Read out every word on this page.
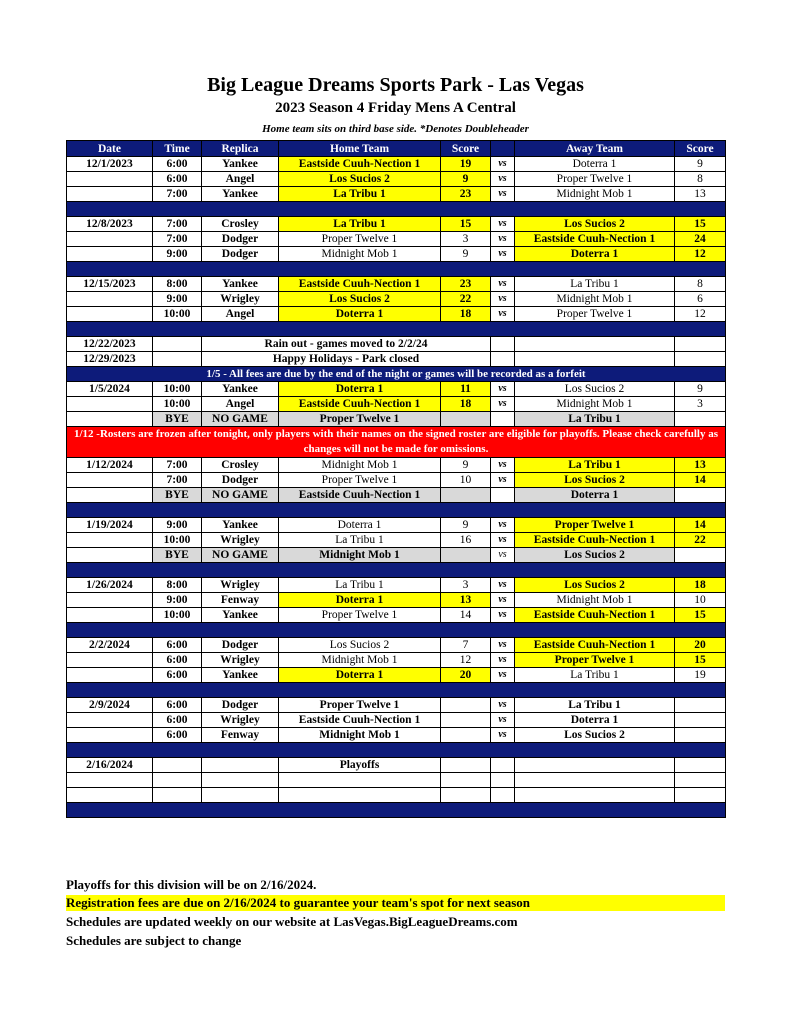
Big League Dreams Sports Park - Las Vegas
2023 Season 4 Friday Mens A Central
Home team sits on third base side. *Denotes Doubleheader
Date	Time	Replica	Home Team	Score		Away Team	Score
12/1/2023	6:00	Yankee	Eastside Cuuh-Nection 1	19	vs	Doterra 1	9
	6:00	Angel	Los Sucios 2	9	vs	Proper Twelve 1	8
	7:00	Yankee	La Tribu 1	23	vs	Midnight Mob 1	13

12/8/2023	7:00	Crosley	La Tribu 1	15	vs	Los Sucios 2	15
	7:00	Dodger	Proper Twelve 1	3	vs	Eastside Cuuh-Nection 1	24
	9:00	Dodger	Midnight Mob 1	9	vs	Doterra 1	12

12/15/2023	8:00	Yankee	Eastside Cuuh-Nection 1	23	vs	La Tribu 1	8
	9:00	Wrigley	Los Sucios 2	22	vs	Midnight Mob 1	6
	10:00	Angel	Doterra 1	18	vs	Proper Twelve 1	12

12/22/2023		Rain out - games moved to 2/2/24					
12/29/2023		Happy Holidays - Park closed					
1/5 - All fees are due by the end of the night or games will be recorded as a forfeit							
1/5/2024	10:00	Yankee	Doterra 1	11	vs	Los Sucios 2	9
	10:00	Angel	Eastside Cuuh-Nection 1	18	vs	Midnight Mob 1	3
	BYE	NO GAME	Proper Twelve 1			La Tribu 1	
1/12 -Rosters are frozen after tonight, only players with their names on the signed roster are eligible for playoffs. Please check carefully as changes will not be made for omissions.							
1/12/2024	7:00	Crosley	Midnight Mob 1	9	vs	La Tribu 1	13
	7:00	Dodger	Proper Twelve 1	10	vs	Los Sucios 2	14
	BYE	NO GAME	Eastside Cuuh-Nection 1			Doterra 1	

1/19/2024	9:00	Yankee	Doterra 1	9	vs	Proper Twelve 1	14
	10:00	Wrigley	La Tribu 1	16	vs	Eastside Cuuh-Nection 1	22
	BYE	NO GAME	Midnight Mob 1		vs	Los Sucios 2	

1/26/2024	8:00	Wrigley	La Tribu 1	3	vs	Los Sucios 2	18
	9:00	Fenway	Doterra 1	13	vs	Midnight Mob 1	10
	10:00	Yankee	Proper Twelve 1	14	vs	Eastside Cuuh-Nection 1	15

2/2/2024	6:00	Dodger	Los Sucios 2	7	vs	Eastside Cuuh-Nection 1	20
	6:00	Wrigley	Midnight Mob 1	12	vs	Proper Twelve 1	15
	6:00	Yankee	Doterra 1	20	vs	La Tribu 1	19

2/9/2024	6:00	Dodger	Proper Twelve 1		vs	La Tribu 1	
	6:00	Wrigley	Eastside Cuuh-Nection 1		vs	Doterra 1	
	6:00	Fenway	Midnight Mob 1		vs	Los Sucios 2	

2/16/2024			Playoffs				

Playoffs for this division will be on 2/16/2024.
Registration fees are due on 2/16/2024 to guarantee your team's spot for next season
Schedules are updated weekly on our website at LasVegas.BigLeagueDreams.com
Schedules are subject to change
